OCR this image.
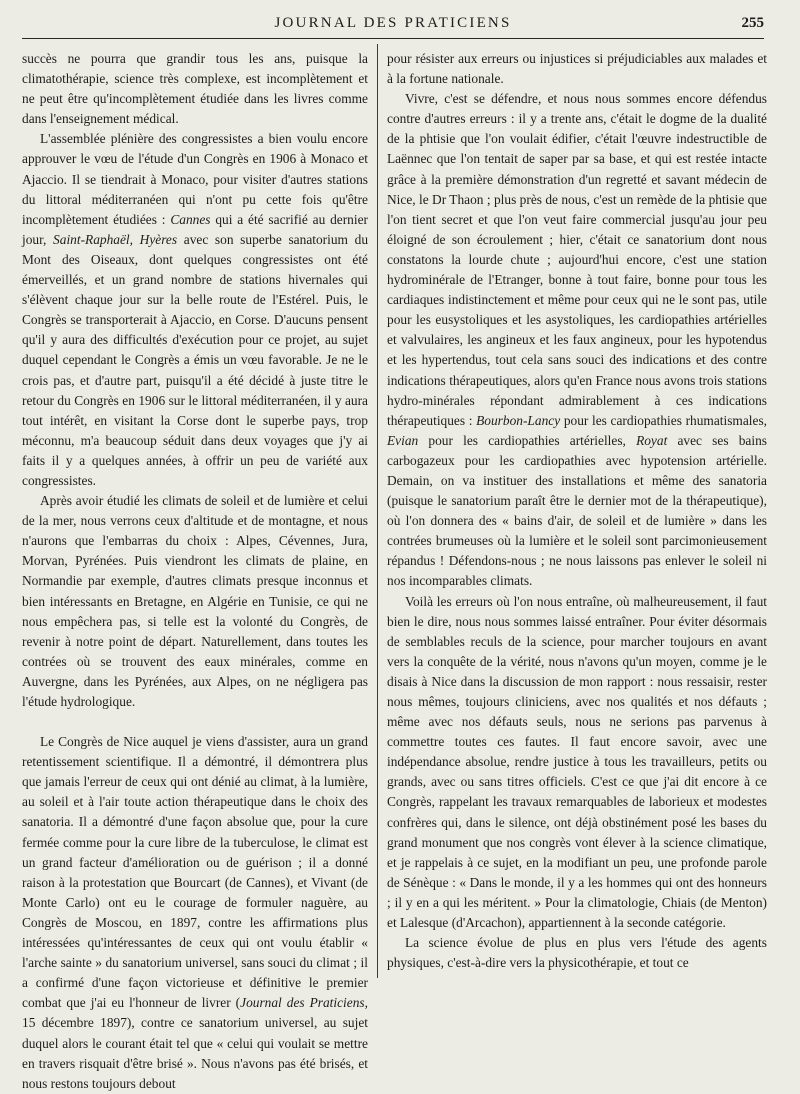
JOURNAL DES PRATICIENS	255

succès ne pourra que grandir tous les ans, puisque la climatothérapie, science très complexe, est incomplètement et ne peut être qu'incomplètement étudiée dans les livres comme dans l'enseignement médical.

L'assemblée plénière des congressistes a bien voulu encore approuver le vœu de l'étude d'un Congrès en 1906 à Monaco et Ajaccio. Il se tiendrait à Monaco, pour visiter d'autres stations du littoral méditerranéen qui n'ont pu cette fois qu'être incomplètement étudiées : Cannes qui a été sacrifié au dernier jour, Saint-Raphaël, Hyères avec son superbe sanatorium du Mont des Oiseaux, dont quelques congressistes ont été émerveillés, et un grand nombre de stations hivernales qui s'élèvent chaque jour sur la belle route de l'Estérel. Puis, le Congrès se transporterait à Ajaccio, en Corse. D'aucuns pensent qu'il y aura des difficultés d'exécution pour ce projet, au sujet duquel cependant le Congrès a émis un vœu favorable. Je ne le crois pas, et d'autre part, puisqu'il a été décidé à juste titre le retour du Congrès en 1906 sur le littoral méditerranéen, il y aura tout intérêt, en visitant la Corse dont le superbe pays, trop méconnu, m'a beaucoup séduit dans deux voyages que j'y ai faits il y a quelques années, à offrir un peu de variété aux congressistes.

Après avoir étudié les climats de soleil et de lumière et celui de la mer, nous verrons ceux d'altitude et de montagne, et nous n'aurons que l'embarras du choix : Alpes, Cévennes, Jura, Morvan, Pyrénées. Puis viendront les climats de plaine, en Normandie par exemple, d'autres climats presque inconnus et bien intéressants en Bretagne, en Algérie en Tunisie, ce qui ne nous empêchera pas, si telle est la volonté du Congrès, de revenir à notre point de départ. Naturellement, dans toutes les contrées où se trouvent des eaux minérales, comme en Auvergne, dans les Pyrénées, aux Alpes, on ne négligera pas l'étude hydrologique.

Le Congrès de Nice auquel je viens d'assister, aura un grand retentissement scientifique. Il a démontré, il démontrera plus que jamais l'erreur de ceux qui ont dénié au climat, à la lumière, au soleil et à l'air toute action thérapeutique dans le choix des sanatoria. Il a démontré d'une façon absolue que, pour la cure fermée comme pour la cure libre de la tuberculose, le climat est un grand facteur d'amélioration ou de guérison ; il a donné raison à la protestation que Bourcart (de Cannes), et Vivant (de Monte Carlo) ont eu le courage de formuler naguère, au Congrès de Moscou, en 1897, contre les affirmations plus intéressées qu'intéressantes de ceux qui ont voulu établir « l'arche sainte » du sanatorium universel, sans souci du climat ; il a confirmé d'une façon victorieuse et définitive le premier combat que j'ai eu l'honneur de livrer (Journal des Praticiens, 15 décembre 1897), contre ce sanatorium universel, au sujet duquel alors le courant était tel que « celui qui voulait se mettre en travers risquait d'être brisé ». Nous n'avons pas été brisés, et nous restons toujours debout

pour résister aux erreurs ou injustices si préjudiciables aux malades et à la fortune nationale.

Vivre, c'est se défendre, et nous nous sommes encore défendus contre d'autres erreurs : il y a trente ans, c'était le dogme de la dualité de la phtisie que l'on voulait édifier, c'était l'œuvre indestructible de Laënnec que l'on tentait de saper par sa base, et qui est restée intacte grâce à la première démonstration d'un regretté et savant médecin de Nice, le Dr Thaon ; plus près de nous, c'est un remède de la phtisie que l'on tient secret et que l'on veut faire commercial jusqu'au jour peu éloigné de son écroulement ; hier, c'était ce sanatorium dont nous constatons la lourde chute ; aujourd'hui encore, c'est une station hydrominérale de l'Etranger, bonne à tout faire, bonne pour tous les cardiaques indistinctement et même pour ceux qui ne le sont pas, utile pour les eusystoliques et les asystoliques, les cardiopathies artérielles et valvulaires, les angineux et les faux angineux, pour les hypotendus et les hypertendus, tout cela sans souci des indications et des contre indications thérapeutiques, alors qu'en France nous avons trois stations hydro-minérales répondant admirablement à ces indications thérapeutiques : Bourbon-Lancy pour les cardiopathies rhumatismales, Evian pour les cardiopathies artérielles, Royat avec ses bains carbogazeux pour les cardiopathies avec hypotension artérielle. Demain, on va instituer des installations et même des sanatoria (puisque le sanatorium paraît être le dernier mot de la thérapeutique), où l'on donnera des « bains d'air, de soleil et de lumière » dans les contrées brumeuses où la lumière et le soleil sont parcimonieusement répandus ! Défendons-nous ; ne nous laissons pas enlever le soleil ni nos incomparables climats.

Voilà les erreurs où l'on nous entraîne, où malheureusement, il faut bien le dire, nous nous sommes laissé entraîner. Pour éviter désormais de semblables reculs de la science, pour marcher toujours en avant vers la conquête de la vérité, nous n'avons qu'un moyen, comme je le disais à Nice dans la discussion de mon rapport : nous ressaisir, rester nous mêmes, toujours cliniciens, avec nos qualités et nos défauts ; même avec nos défauts seuls, nous ne serions pas parvenus à commettre toutes ces fautes. Il faut encore savoir, avec une indépendance absolue, rendre justice à tous les travailleurs, petits ou grands, avec ou sans titres officiels. C'est ce que j'ai dit encore à ce Congrès, rappelant les travaux remarquables de laborieux et modestes confrères qui, dans le silence, ont déjà obstinément posé les bases du grand monument que nos congrès vont élever à la science climatique, et je rappelais à ce sujet, en la modifiant un peu, une profonde parole de Sénèque : « Dans le monde, il y a les hommes qui ont des honneurs ; il y en a qui les méritent. » Pour la climatologie, Chiais (de Menton) et Lalesque (d'Arcachon), appartiennent à la seconde catégorie.

La science évolue de plus en plus vers l'étude des agents physiques, c'est-à-dire vers la physicothérapie, et tout ce
